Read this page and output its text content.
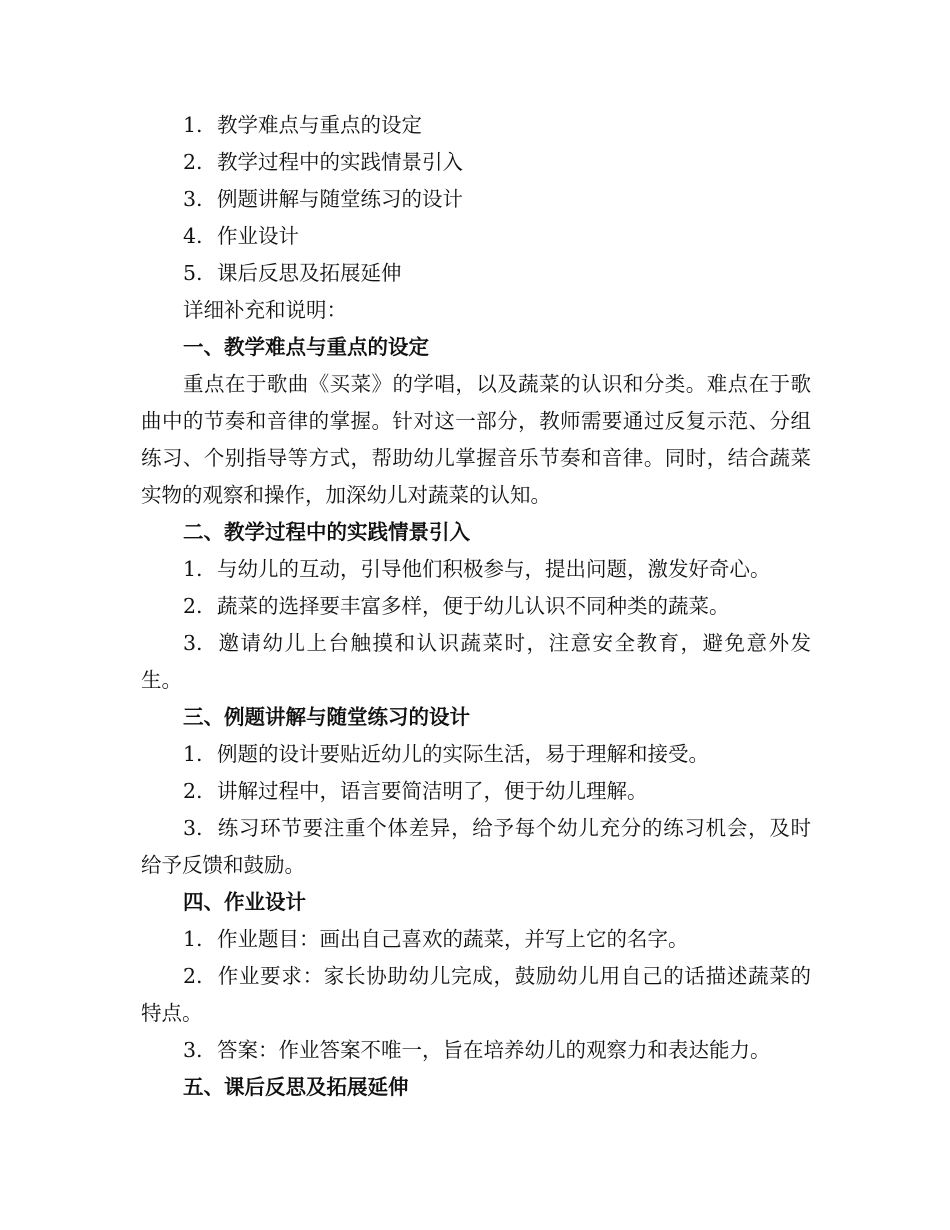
1. 教学难点与重点的设定

2. 教学过程中的实践情景引入

3. 例题讲解与随堂练习的设计

4. 作业设计

5. 课后反思及拓展延伸

详细补充和说明：

一、教学难点与重点的设定

重点在于歌曲《买菜》的学唱，以及蔬菜的认识和分类。难点在于歌曲中的节奏和音律的掌握。针对这一部分，教师需要通过反复示范、分组练习、个别指导等方式，帮助幼儿掌握音乐节奏和音律。同时，结合蔬菜实物的观察和操作，加深幼儿对蔬菜的认知。

二、教学过程中的实践情景引入

1. 与幼儿的互动，引导他们积极参与，提出问题，激发好奇心。

2. 蔬菜的选择要丰富多样，便于幼儿认识不同种类的蔬菜。

3. 邀请幼儿上台触摸和认识蔬菜时，注意安全教育，避免意外发生。

三、例题讲解与随堂练习的设计

1. 例题的设计要贴近幼儿的实际生活，易于理解和接受。

2. 讲解过程中，语言要简洁明了，便于幼儿理解。

3. 练习环节要注重个体差异，给予每个幼儿充分的练习机会，及时给予反馈和鼓励。

四、作业设计

1. 作业题目：画出自己喜欢的蔬菜，并写上它的名字。

2. 作业要求：家长协助幼儿完成，鼓励幼儿用自己的话描述蔬菜的特点。

3. 答案：作业答案不唯一，旨在培养幼儿的观察力和表达能力。

五、课后反思及拓展延伸
